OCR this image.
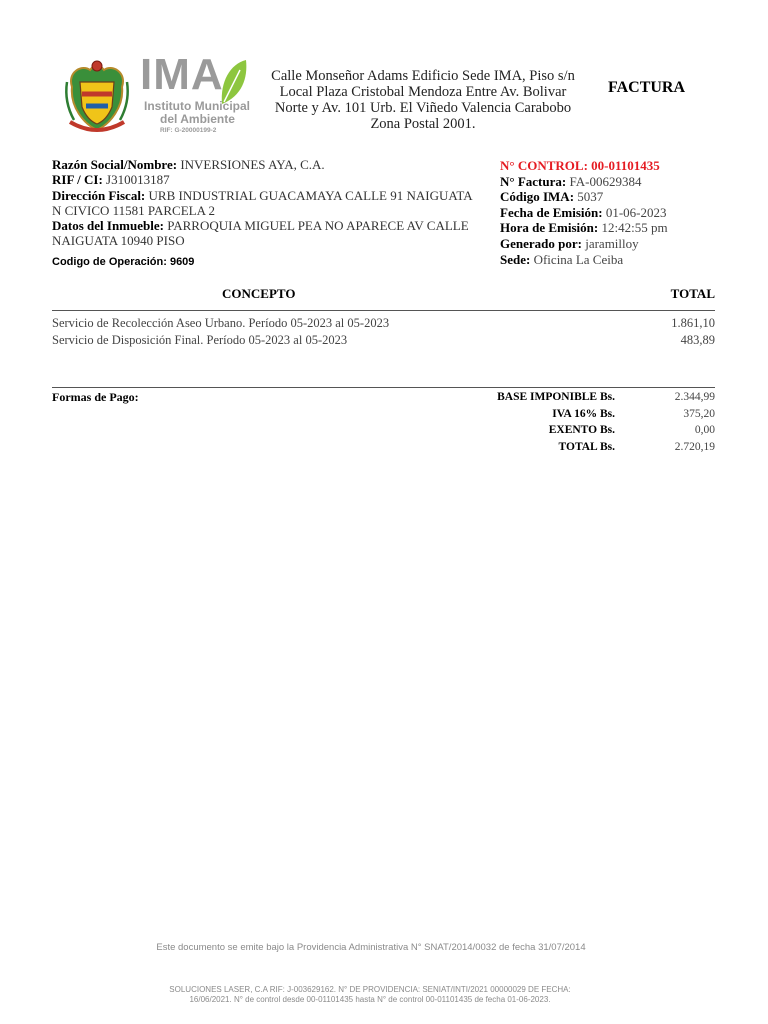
IMA
Instituto Municipal
del Ambiente
RIF: G-20000199-2
Calle Monseñor Adams Edificio Sede IMA, Piso s/n
Local Plaza Cristobal Mendoza Entre Av. Bolivar
Norte y Av. 101 Urb. El Viñedo Valencia Carabobo
Zona Postal 2001.
FACTURA
Razón Social/Nombre: INVERSIONES AYA, C.A.
RIF / CI: J310013187
Dirección Fiscal: URB INDUSTRIAL GUACAMAYA CALLE 91 NAIGUATA N CIVICO 11581 PARCELA 2
Datos del Inmueble: PARROQUIA MIGUEL PEA NO APARECE AV CALLE NAIGUATA 10940 PISO
Codigo de Operación: 9609
N° CONTROL: 00-01101435
N° Factura: FA-00629384
Código IMA: 5037
Fecha de Emisión: 01-06-2023
Hora de Emisión: 12:42:55 pm
Generado por: jaramilloy
Sede: Oficina La Ceiba
CONCEPTO	TOTAL
Servicio de Recolección Aseo Urbano. Período 05-2023 al 05-2023	1.861,10
Servicio de Disposición Final. Período 05-2023 al 05-2023	483,89
Formas de Pago:	BASE IMPONIBLE Bs.	2.344,99
IVA 16% Bs.	375,20
EXENTO Bs.	0,00
TOTAL Bs.	2.720,19
Este documento se emite bajo la Providencia Administrativa N° SNAT/2014/0032 de fecha 31/07/2014
SOLUCIONES LASER, C.A RIF: J-003629162. N° DE PROVIDENCIA: SENIAT/INTI/2021 00000029 DE FECHA:
16/06/2021. N° de control desde 00-01101435 hasta N° de control 00-01101435 de fecha 01-06-2023.
